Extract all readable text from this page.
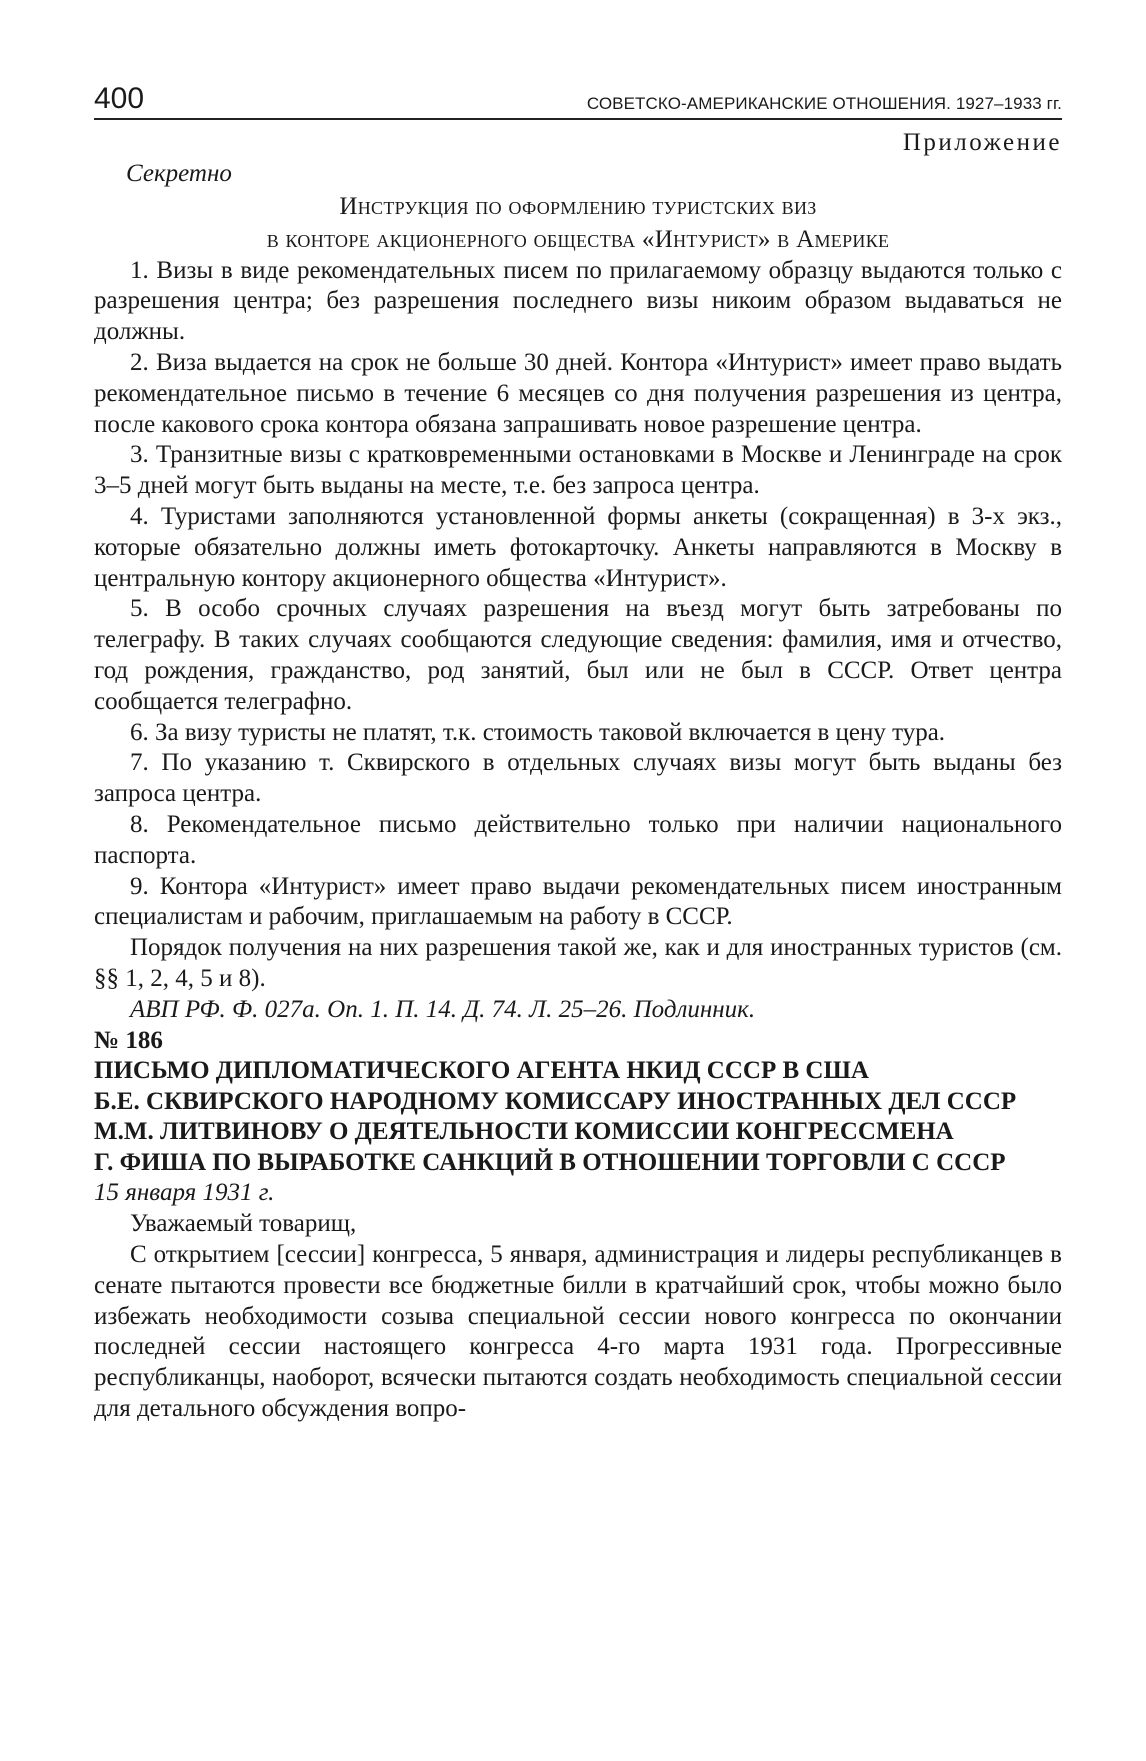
400	СОВЕТСКО-АМЕРИКАНСКИЕ ОТНОШЕНИЯ. 1927–1933 гг.

Приложение

Секретно

Инструкция по оформлению туристских виз
в конторе акционерного общества «Интурист» в Америке

1. Визы в виде рекомендательных писем по прилагаемому образцу выдаются только с разрешения центра; без разрешения последнего визы никоим образом выдаваться не должны.

2. Виза выдается на срок не больше 30 дней. Контора «Интурист» имеет право выдать рекомендательное письмо в течение 6 месяцев со дня получения разрешения из центра, после какового срока контора обязана запрашивать новое разрешение центра.

3. Транзитные визы с кратковременными остановками в Москве и Ленинграде на срок 3–5 дней могут быть выданы на месте, т.е. без запроса центра.

4. Туристами заполняются установленной формы анкеты (сокращенная) в 3-х экз., которые обязательно должны иметь фотокарточку. Анкеты направляются в Москву в центральную контору акционерного общества «Интурист».

5. В особо срочных случаях разрешения на въезд могут быть затребованы по телеграфу. В таких случаях сообщаются следующие сведения: фамилия, имя и отчество, год рождения, гражданство, род занятий, был или не был в СССР. Ответ центра сообщается телеграфно.

6. За визу туристы не платят, т.к. стоимость таковой включается в цену тура.

7. По указанию т. Сквирского в отдельных случаях визы могут быть выданы без запроса центра.

8. Рекомендательное письмо действительно только при наличии национального паспорта.

9. Контора «Интурист» имеет право выдачи рекомендательных писем иностранным специалистам и рабочим, приглашаемым на работу в СССР.

Порядок получения на них разрешения такой же, как и для иностранных туристов (см. §§ 1, 2, 4, 5 и 8).

АВП РФ. Ф. 027а. Оп. 1. П. 14. Д. 74. Л. 25–26. Подлинник.

№ 186

ПИСЬМО ДИПЛОМАТИЧЕСКОГО АГЕНТА НКИД СССР В США
Б.Е. СКВИРСКОГО НАРОДНОМУ КОМИССАРУ ИНОСТРАННЫХ ДЕЛ СССР
М.М. ЛИТВИНОВУ О ДЕЯТЕЛЬНОСТИ КОМИССИИ КОНГРЕССМЕНА
Г. ФИША ПО ВЫРАБОТКЕ САНКЦИЙ В ОТНОШЕНИИ ТОРГОВЛИ С СССР

15 января 1931 г.

Уважаемый товарищ,

С открытием [сессии] конгресса, 5 января, администрация и лидеры республиканцев в сенате пытаются провести все бюджетные билли в кратчайший срок, чтобы можно было избежать необходимости созыва специальной сессии нового конгресса по окончании последней сессии настоящего конгресса 4-го марта 1931 года. Прогрессивные республиканцы, наоборот, всячески пытаются создать необходимость специальной сессии для детального обсуждения вопро-
